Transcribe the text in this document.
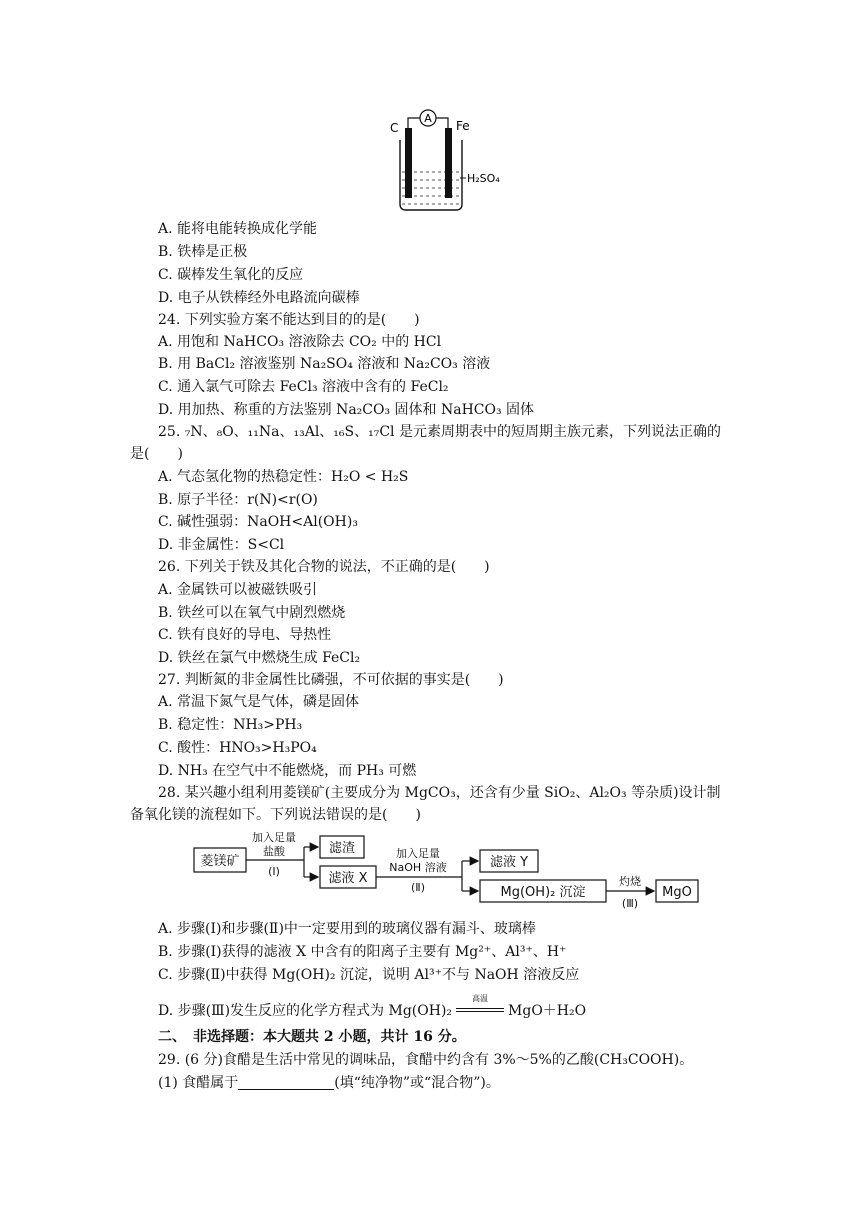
A
C	Fe
H₂SO₄
A. 能将电能转换成化学能
B. 铁棒是正极
C. 碳棒发生氧化的反应
D. 电子从铁棒经外电路流向碳棒
24. 下列实验方案不能达到目的的是(　　)
A. 用饱和 NaHCO₃ 溶液除去 CO₂ 中的 HCl
B. 用 BaCl₂ 溶液鉴别 Na₂SO₄ 溶液和 Na₂CO₃ 溶液
C. 通入氯气可除去 FeCl₃ 溶液中含有的 FeCl₂
D. 用加热、称重的方法鉴别 Na₂CO₃ 固体和 NaHCO₃ 固体
25. ₇N、₈O、₁₁Na、₁₃Al、₁₆S、₁₇Cl 是元素周期表中的短周期主族元素，下列说法正确的
是(　　)
A. 气态氢化物的热稳定性：H₂O < H₂S
B. 原子半径：r(N)<r(O)
C. 碱性强弱：NaOH<Al(OH)₃
D. 非金属性：S<Cl
26. 下列关于铁及其化合物的说法，不正确的是(　　)
A. 金属铁可以被磁铁吸引
B. 铁丝可以在氧气中剧烈燃烧
C. 铁有良好的导电、导热性
D. 铁丝在氯气中燃烧生成 FeCl₂
27. 判断氮的非金属性比磷强，不可依据的事实是(　　)
A. 常温下氮气是气体，磷是固体
B. 稳定性：NH₃>PH₃
C. 酸性：HNO₃>H₃PO₄
D. NH₃ 在空气中不能燃烧，而 PH₃ 可燃
28. 某兴趣小组利用菱镁矿(主要成分为 MgCO₃，还含有少量 SiO₂、Al₂O₃ 等杂质)设计制
备氧化镁的流程如下。下列说法错误的是(　　)
菱镁矿
滤渣
滤液 X
滤液 Y
Mg(OH)₂ 沉淀	MgO
加入足量
盐酸
(Ⅰ)
加入足量
NaOH 溶液
(Ⅱ)	灼烧
(Ⅲ)
A. 步骤(Ⅰ)和步骤(Ⅱ)中一定要用到的玻璃仪器有漏斗、玻璃棒
B. 步骤(Ⅰ)获得的滤液 X 中含有的阳离子主要有 Mg²⁺、Al³⁺、H⁺
C. 步骤(Ⅱ)中获得 Mg(OH)₂ 沉淀，说明 Al³⁺不与 NaOH 溶液反应
D. 步骤(Ⅲ)发生反应的化学方程式为 Mg(OH)₂
高温
MgO＋H₂O
二、　非选择题：本大题共 2 小题，共计 16 分。
29. (6 分)食醋是生活中常见的调味品，食醋中约含有 3%～5%的乙酸(CH₃COOH)。
(1) 食醋属于	(填“纯净物”或“混合物”)。
